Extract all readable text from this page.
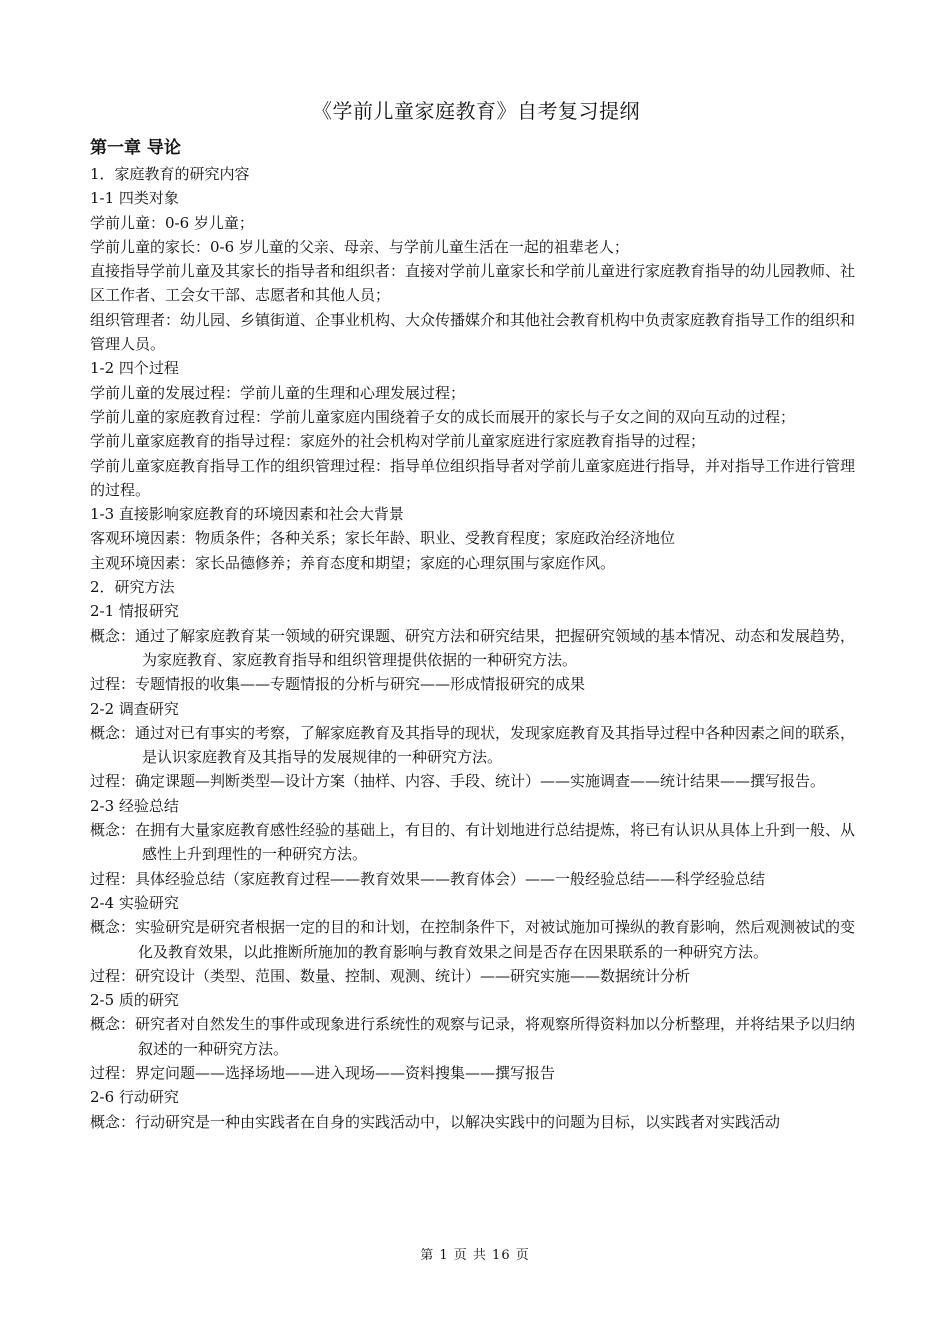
《学前儿童家庭教育》自考复习提纲
第一章 导论

1．家庭教育的研究内容

1-1 四类对象

学前儿童：0-6 岁儿童；

学前儿童的家长：0-6 岁儿童的父亲、母亲、与学前儿童生活在一起的祖辈老人；

直接指导学前儿童及其家长的指导者和组织者：直接对学前儿童家长和学前儿童进行家庭教育指导的幼儿园教师、社区工作者、工会女干部、志愿者和其他人员；

组织管理者：幼儿园、乡镇街道、企事业机构、大众传播媒介和其他社会教育机构中负责家庭教育指导工作的组织和管理人员。

1-2 四个过程

学前儿童的发展过程：学前儿童的生理和心理发展过程；

学前儿童的家庭教育过程：学前儿童家庭内围绕着子女的成长而展开的家长与子女之间的双向互动的过程；

学前儿童家庭教育的指导过程：家庭外的社会机构对学前儿童家庭进行家庭教育指导的过程；

学前儿童家庭教育指导工作的组织管理过程：指导单位组织指导者对学前儿童家庭进行指导，并对指导工作进行管理的过程。

1-3 直接影响家庭教育的环境因素和社会大背景

客观环境因素：物质条件；各种关系；家长年龄、职业、受教育程度；家庭政治经济地位

主观环境因素：家长品德修养；养育态度和期望；家庭的心理氛围与家庭作风。

2．研究方法

2-1 情报研究

概念：通过了解家庭教育某一领域的研究课题、研究方法和研究结果，把握研究领域的基本情况、动态和发展趋势，为家庭教育、家庭教育指导和组织管理提供依据的一种研究方法。

过程：专题情报的收集——专题情报的分析与研究——形成情报研究的成果

2-2 调查研究

概念：通过对已有事实的考察，了解家庭教育及其指导的现状，发现家庭教育及其指导过程中各种因素之间的联系，是认识家庭教育及其指导的发展规律的一种研究方法。

过程：确定课题—判断类型—设计方案（抽样、内容、手段、统计）——实施调查——统计结果——撰写报告。

2-3 经验总结

概念：在拥有大量家庭教育感性经验的基础上，有目的、有计划地进行总结提炼，将已有认识从具体上升到一般、从感性上升到理性的一种研究方法。

过程：具体经验总结（家庭教育过程——教育效果——教育体会）——一般经验总结——科学经验总结

2-4 实验研究

概念：实验研究是研究者根据一定的目的和计划，在控制条件下，对被试施加可操纵的教育影响，然后观测被试的变化及教育效果，以此推断所施加的教育影响与教育效果之间是否存在因果联系的一种研究方法。

过程：研究设计（类型、范围、数量、控制、观测、统计）——研究实施——数据统计分析

2-5 质的研究

概念：研究者对自然发生的事件或现象进行系统性的观察与记录，将观察所得资料加以分析整理，并将结果予以归纳叙述的一种研究方法。

过程：界定问题——选择场地——进入现场——资料搜集——撰写报告

2-6 行动研究

概念：行动研究是一种由实践者在自身的实践活动中，以解决实践中的问题为目标，以实践者对实践活动

第 1 页 共 16 页
